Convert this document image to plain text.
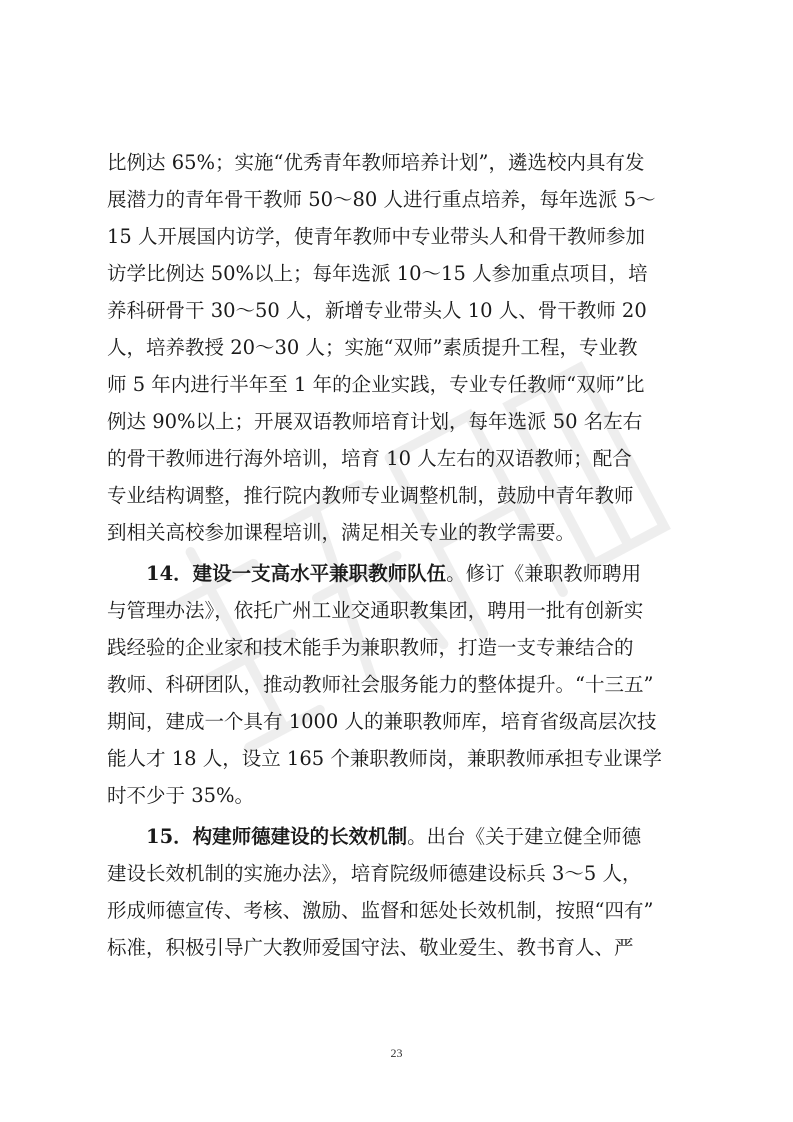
比例达 65%；实施“优秀青年教师培养计划”，遴选校内具有发
展潜力的青年骨干教师 50～80 人进行重点培养，每年选派 5～
15 人开展国内访学，使青年教师中专业带头人和骨干教师参加
访学比例达 50%以上；每年选派 10～15 人参加重点项目，培
养科研骨干 30～50 人，新增专业带头人 10 人、骨干教师 20
人，培养教授 20～30 人；实施“双师”素质提升工程，专业教
师 5 年内进行半年至 1 年的企业实践，专业专任教师“双师”比
例达 90%以上；开展双语教师培育计划，每年选派 50 名左右
的骨干教师进行海外培训，培育 10 人左右的双语教师；配合
专业结构调整，推行院内教师专业调整机制，鼓励中青年教师
到相关高校参加课程培训，满足相关专业的教学需要。
14．建设一支高水平兼职教师队伍。修订《兼职教师聘用
与管理办法》，依托广州工业交通职教集团，聘用一批有创新实
践经验的企业家和技术能手为兼职教师，打造一支专兼结合的
教师、科研团队，推动教师社会服务能力的整体提升。“十三五”
期间，建成一个具有 1000 人的兼职教师库，培育省级高层次技
能人才 18 人，设立 165 个兼职教师岗，兼职教师承担专业课学
时不少于 35%。
15．构建师德建设的长效机制。出台《关于建立健全师德
建设长效机制的实施办法》，培育院级师德建设标兵 3～5 人，
形成师德宣传、考核、激励、监督和惩处长效机制，按照“四有”
标准，积极引导广大教师爱国守法、敬业爱生、教书育人、严
23
